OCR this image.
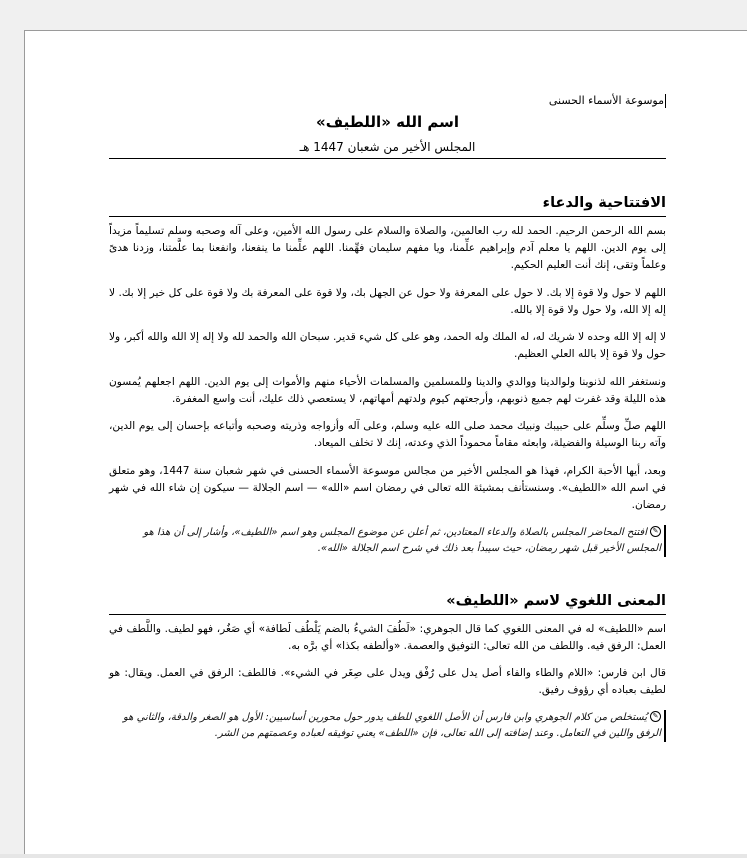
موسوعة الأسماء الحسنى
اسم الله «اللطيف»
المجلس الأخير من شعبان 1447 هـ
الافتتاحية والدعاء

بسم الله الرحمن الرحيم. الحمد لله رب العالمين، والصلاة والسلام على رسول الله الأمين، وعلى آله وصحبه وسلم تسليماً مزيداً إلى يوم الدين. اللهم يا معلم آدم وإبراهيم علِّمنا، ويا مفهم سليمان فهِّمنا. اللهم علِّمنا ما ينفعنا، وانفعنا بما علَّمتنا، وزدنا هدىً وعلماً وتقى، إنك أنت العليم الحكيم.

اللهم لا حول ولا قوة إلا بك. لا حول على المعرفة ولا حول عن الجهل بك، ولا قوة على المعرفة بك ولا قوة على كل خير إلا بك. لا إله إلا الله، ولا حول ولا قوة إلا بالله.

لا إله إلا الله وحده لا شريك له، له الملك وله الحمد، وهو على كل شيء قدير. سبحان الله والحمد لله ولا إله إلا الله والله أكبر، ولا حول ولا قوة إلا بالله العلي العظيم.

ونستغفر الله لذنوبنا ولوالدينا ووالدي والدينا وللمسلمين والمسلمات الأحياء منهم والأموات إلى يوم الدين. اللهم اجعلهم يُمسون هذه الليلة وقد غفرت لهم جميع ذنوبهم، وأرجعتهم كيوم ولدتهم أمهاتهم، لا يستعصي ذلك عليك، أنت واسع المغفرة.

اللهم صلِّ وسلِّم على حبيبك ونبيك محمد صلى الله عليه وسلم، وعلى آله وأزواجه وذريته وصحبه وأتباعه بإحسان إلى يوم الدين، وآته ربنا الوسيلة والفضيلة، وابعثه مقاماً محموداً الذي وعدته، إنك لا تخلف الميعاد.

وبعد، أيها الأحبة الكرام، فهذا هو المجلس الأخير من مجالس موسوعة الأسماء الحسنى في شهر شعبان سنة 1447، وهو متعلق في اسم الله «اللطيف». وسنستأنف بمشيئة الله تعالى في رمضان اسم «الله» — اسم الجلالة — سيكون إن شاء الله في شهر رمضان.

✎افتتح المحاضر المجلس بالصلاة والدعاء المعتادين، ثم أعلن عن موضوع المجلس وهو اسم «اللطيف»، وأشار إلى أن هذا هو المجلس الأخير قبل شهر رمضان، حيث سيبدأ بعد ذلك في شرح اسم الجلالة «الله».
المعنى اللغوي لاسم «اللطيف»

اسم «اللطيف» له في المعنى اللغوي كما قال الجوهري: «لَطُفَ الشيءُ بالضم يَلْطُف لَطافة» أي صَغُر، فهو لطيف. واللَّطف في العمل: الرفق فيه. واللطف من الله تعالى: التوفيق والعصمة. «وألطفه بكذا» أي برَّه به.

قال ابن فارس: «اللام والطاء والفاء أصل يدل على رُفْق ويدل على صِغَر في الشيء». فاللطف: الرفق في العمل. ويقال: هو لطيف بعباده أي رؤوف رفيق.

✎يُستخلص من كلام الجوهري وابن فارس أن الأصل اللغوي للطف يدور حول محورين أساسيين: الأول هو الصغر والدقة، والثاني هو الرفق واللين في التعامل. وعند إضافته إلى الله تعالى، فإن «اللطف» يعني توفيقه لعباده وعصمتهم من الشر.
